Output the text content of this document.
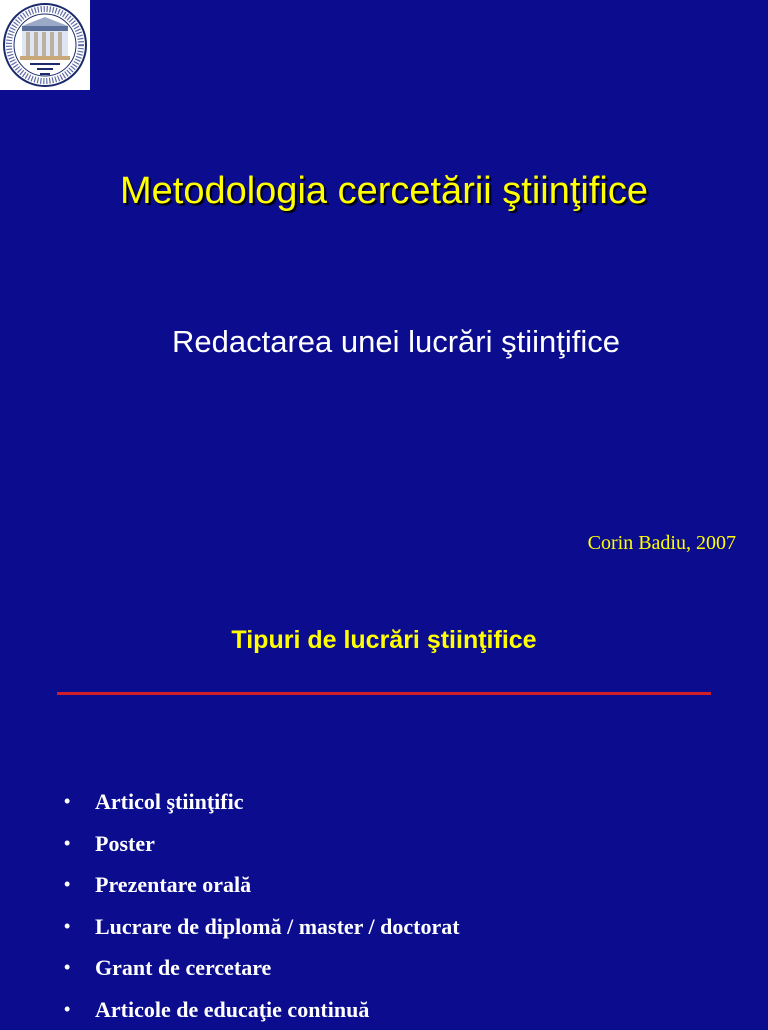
Metodologia cercetării ştiinţifice
Redactarea unei lucrări ştiinţifice
Corin Badiu, 2007
Tipuri de lucrări ştiinţifice
• Articol ştiinţific
• Poster
• Prezentare orală
• Lucrare de diplomă / master / doctorat
• Grant de cercetare
• Articole de educaţie continuă
